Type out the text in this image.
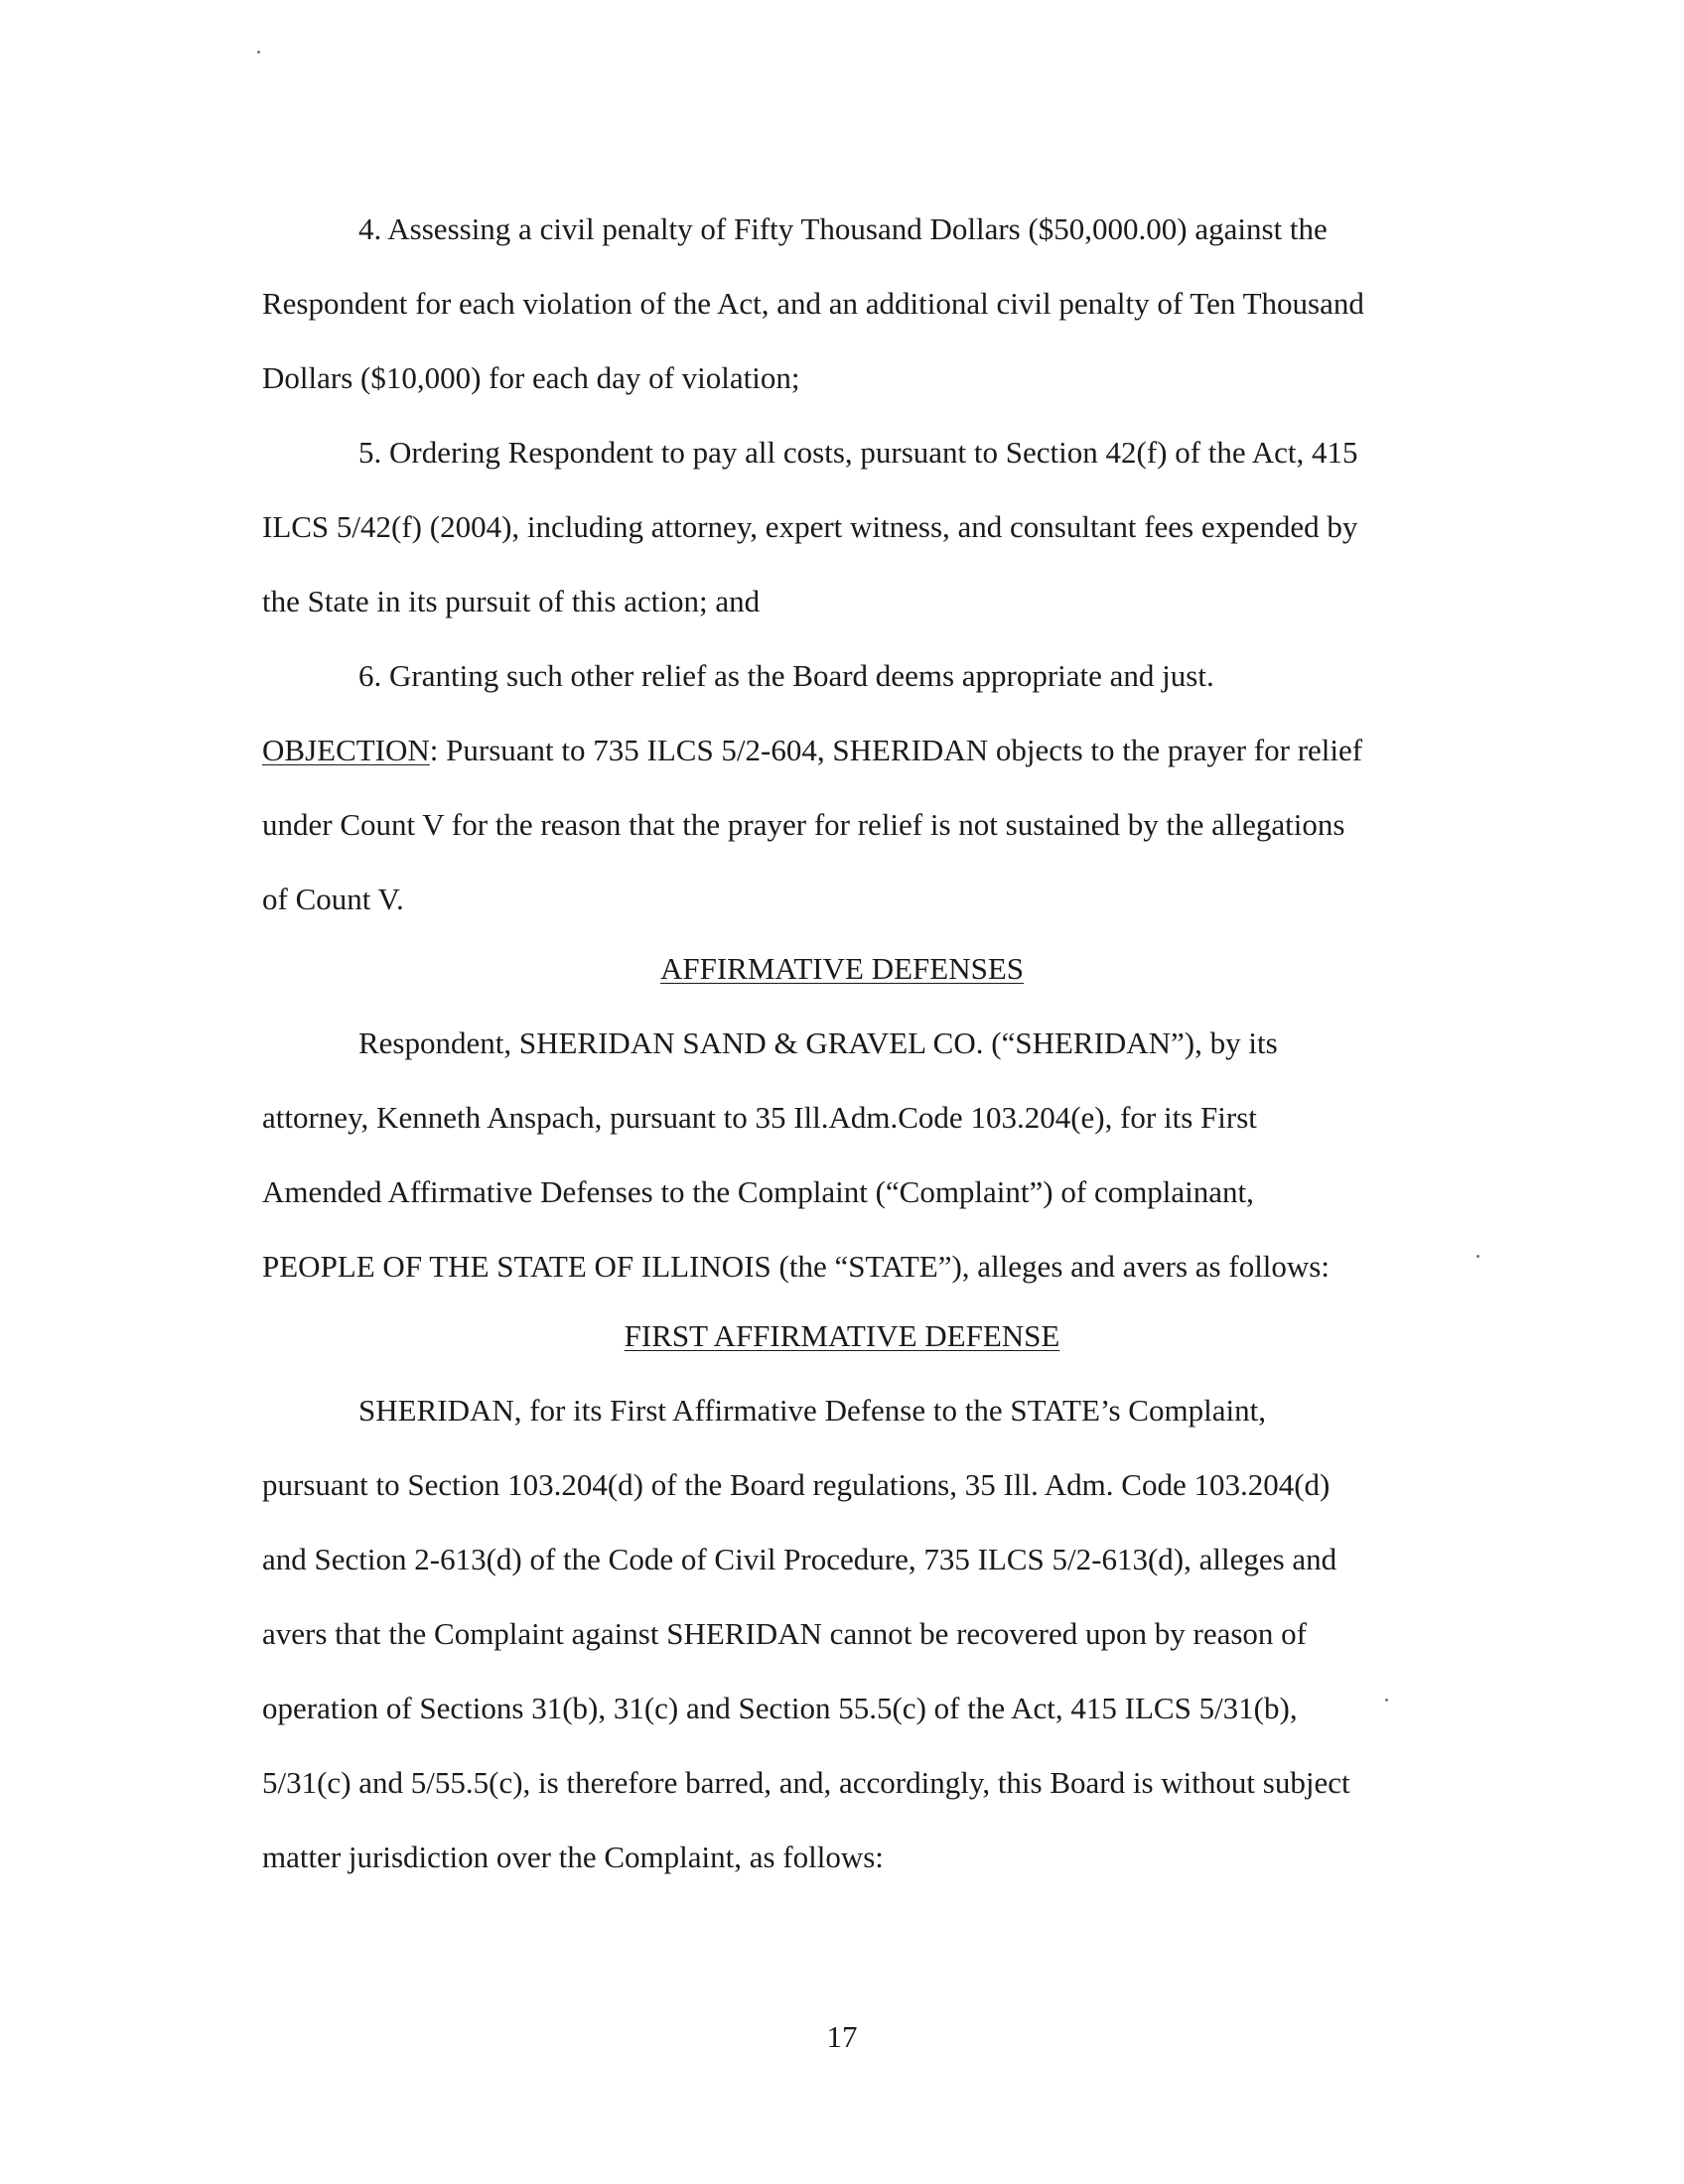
4. Assessing a civil penalty of Fifty Thousand Dollars ($50,000.00) against the

Respondent for each violation of the Act, and an additional civil penalty of Ten Thousand

Dollars ($10,000) for each day of violation;

5. Ordering Respondent to pay all costs, pursuant to Section 42(f) of the Act, 415

ILCS 5/42(f) (2004), including attorney, expert witness, and consultant fees expended by

the State in its pursuit of this action; and

6. Granting such other relief as the Board deems appropriate and just.

OBJECTION: Pursuant to 735 ILCS 5/2-604, SHERIDAN objects to the prayer for relief

under Count V for the reason that the prayer for relief is not sustained by the allegations

of Count V.

AFFIRMATIVE DEFENSES

Respondent, SHERIDAN SAND & GRAVEL CO. (“SHERIDAN”), by its

attorney, Kenneth Anspach, pursuant to 35 Ill.Adm.Code 103.204(e), for its First

Amended Affirmative Defenses to the Complaint (“Complaint”) of complainant,

PEOPLE OF THE STATE OF ILLINOIS (the “STATE”), alleges and avers as follows:

FIRST AFFIRMATIVE DEFENSE

SHERIDAN, for its First Affirmative Defense to the STATE’s Complaint,

pursuant to Section 103.204(d) of the Board regulations, 35 Ill. Adm. Code 103.204(d)

and Section 2-613(d) of the Code of Civil Procedure, 735 ILCS 5/2-613(d), alleges and

avers that the Complaint against SHERIDAN cannot be recovered upon by reason of

operation of Sections 31(b), 31(c) and Section 55.5(c) of the Act, 415 ILCS 5/31(b),

5/31(c) and 5/55.5(c), is therefore barred, and, accordingly, this Board is without subject

matter jurisdiction over the Complaint, as follows:

17
